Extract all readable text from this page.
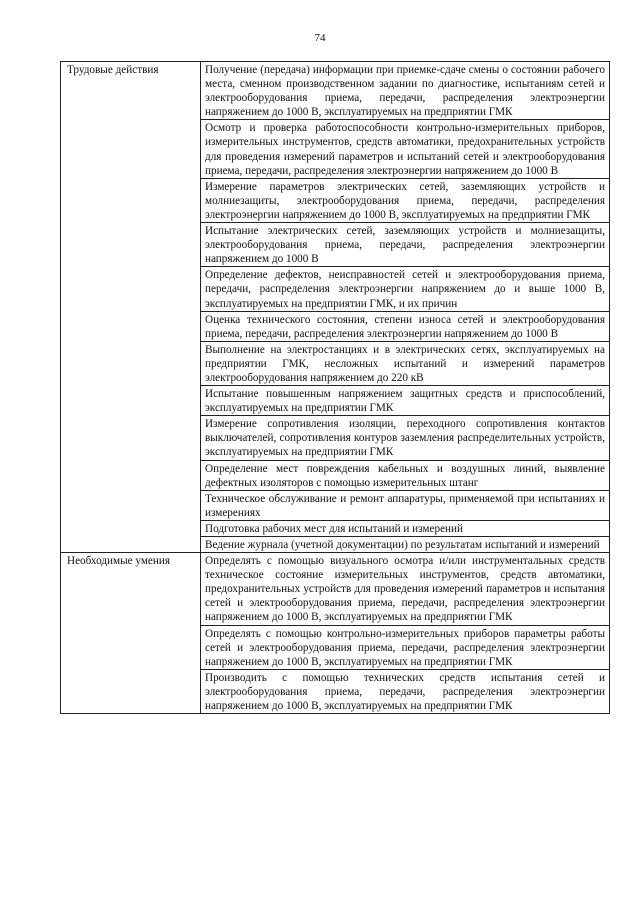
74
Трудовые действия	Получение (передача) информации при приемке-сдаче смены о состоянии рабочего места, сменном производственном задании по диагностике, испытаниям сетей и электрооборудования приема, передачи, распределения электроэнергии напряжением до 1000 В, эксплуатируемых на предприятии ГМК
	Осмотр и проверка работоспособности контрольно-измерительных приборов, измерительных инструментов, средств автоматики, предохранительных устройств для проведения измерений параметров и испытаний сетей и электрооборудования приема, передачи, распределения электроэнергии напряжением до 1000 В
	Измерение параметров электрических сетей, заземляющих устройств и молниезащиты, электрооборудования приема, передачи, распределения электроэнергии напряжением до 1000 В, эксплуатируемых на предприятии ГМК
	Испытание электрических сетей, заземляющих устройств и молниезащиты, электрооборудования приема, передачи, распределения электроэнергии напряжением до 1000 В
	Определение дефектов, неисправностей сетей и электрооборудования приема, передачи, распределения электроэнергии напряжением до и выше 1000 В, эксплуатируемых на предприятии ГМК, и их причин
	Оценка технического состояния, степени износа сетей и электрооборудования приема, передачи, распределения электроэнергии напряжением до 1000 В
	Выполнение на электростанциях и в электрических сетях, эксплуатируемых на предприятии ГМК, несложных испытаний и измерений параметров электрооборудования напряжением до 220 кВ
	Испытание повышенным напряжением защитных средств и приспособлений, эксплуатируемых на предприятии ГМК
	Измерение сопротивления изоляции, переходного сопротивления контактов выключателей, сопротивления контуров заземления распределительных устройств, эксплуатируемых на предприятии ГМК
	Определение мест повреждения кабельных и воздушных линий, выявление дефектных изоляторов с помощью измерительных штанг
	Техническое обслуживание и ремонт аппаратуры, применяемой при испытаниях и измерениях
	Подготовка рабочих мест для испытаний и измерений
	Ведение журнала (учетной документации) по результатам испытаний и измерений
Необходимые умения	Определять с помощью визуального осмотра и/или инструментальных средств техническое состояние измерительных инструментов, средств автоматики, предохранительных устройств для проведения измерений параметров и испытания сетей и электрооборудования приема, передачи, распределения электроэнергии напряжением до 1000 В, эксплуатируемых на предприятии ГМК
	Определять с помощью контрольно-измерительных приборов параметры работы сетей и электрооборудования приема, передачи, распределения электроэнергии напряжением до 1000 В, эксплуатируемых на предприятии ГМК
	Производить с помощью технических средств испытания сетей и электрооборудования приема, передачи, распределения электроэнергии напряжением до 1000 В, эксплуатируемых на предприятии ГМК
